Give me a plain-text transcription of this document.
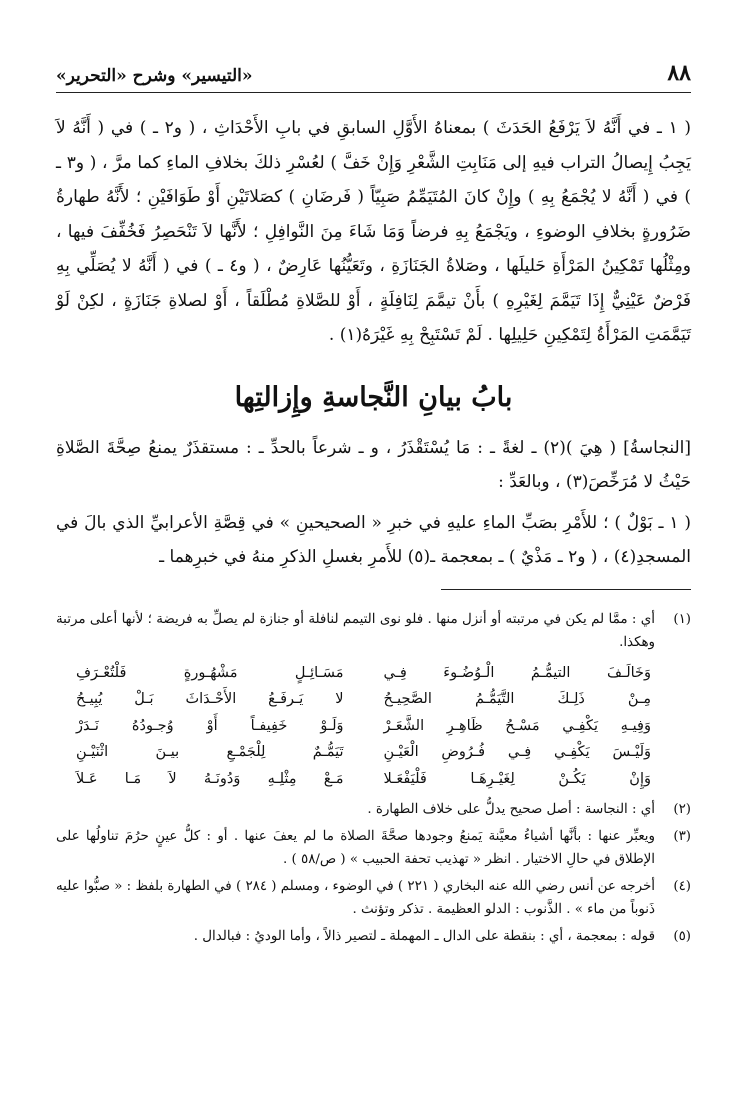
٨٨
«التيسير» وشرح «التحرير»

( ١ ـ في أَنَّهُ لاَ يَرْفَعُ الحَدَثَ ) بمعناهُ الأَوَّلِ السابقِ في بابِ الأَحْدَاثِ ، ( و٢ ـ ) في ( أَنَّهُ لاَ يَجِبُ إِيصالُ التراب فيهِ إلى مَنَابِتِ الشَّعْرِ وَإِنْ خَفَّ ) لعُسْرِ ذلكَ بخلافِ الماءِ كما مرَّ ، ( و٣ ـ ) في ( أَنَّهُ لا يُجْمَعُ بِهِ ) وإِنْ كانَ المُتَيَمِّمُ صَبِيّاً ( فَرضَانِ ) كصَلاتَيْنِ أَوْ طَوَافَيْنِ ؛ لأَنَّهُ طهارةُ ضَرُورةٍ بخلافِ الوضوءِ ، ويَجْمَعُ بِهِ فرضاً وَمَا شَاءَ مِنَ النَّوافِلِ ؛ لأَنَّها لاَ تَنْحَصِرُ فَخُفِّفَ فيها ، ومِثْلُها تَمْكِينُ المَرْأَةِ حَليلَها ، وصَلاةُ الجَنَازَةِ ، وتَعَيُّنُها عَارِضٌ ، ( و٤ ـ ) في ( أَنَّهُ لا يُصَلِّي بِهِ فَرْضٌ عَيْنِيٌّ إِذَا تَيَمَّمَ لِغَيْرِهِ ) بأَنْ تيمَّمَ لِنَافِلَةٍ ، أَوْ للصَّلاةِ مُطْلَقاً ، أَوْ لصلاةِ جَنَازَةٍ ، لكِنْ لَوْ تَيَمَّمَتِ المَرْأَةُ لِتَمْكِينِ حَلِيلِها . لَمْ تَسْتَبِحْ بِهِ غَيْرَهُ(١) .

بابُ بيانِ النَّجاسةِ وإِزالتِها

[النجاسةُ] ( هِيَ )(٢) ـ لغةً ـ : مَا يُسْتَقْذَرُ ، و ـ شرعاً بالحدِّ ـ : مستقذَرٌ يمنعُ صِحَّةَ الصَّلاةِ حَيْثُ لا مُرَخِّصَ(٣) ، وبالعَدِّ :

( ١ ـ بَوْلٌ ) ؛ للأَمْرِ بصَبِّ الماءِ عليهِ في خبرِ « الصحيحينِ » في قِصَّةِ الأعرابيِّ الذي بالَ في المسجدِ(٤) ، ( و٢ ـ مَذْيٌ ) ـ بمعجمة ـ(٥) للأَمرِ بغسلِ الذكرِ منهُ في خبرِهما ـ

(١)
أي : ممَّا لم يكن في مرتبته أو أنزل منها . فلو نوى التيمم لنافلة أو جنازة لم يصلِّ به فريضة ؛ لأنها أعلى مرتبة وهكذا.
وَخَالَـفَ التيمُّـمُ الْـوُضُـوءَ فِـي
مَسَـائِـلٍ مَشْهُـورةٍ فَلْتُعْـرَفِ
مِـنْ ذَلِـكَ التَّيَمُّـمُ الصَّحِيـحُ
لا يَـرفَـعُ الأَحْـدَاثَ بَـلْ يُبِيـحُ
وَفِيـهِ يَكْفِـي مَسْـحُ ظَاهِـرِ الشَّعَـرْ
وَلَـوْ خَفِيفـاً أَوْ وُجـودُهُ نَـدَرْ
وَلَيْـسَ يَكْفِـي فِـي فُـرُوضِ الْعَيْـنِ
تَيَمُّـمٌ لِلْجَمْـعِ بيـنَ اثْنَيْـنِ
وَإِنْ يَكُـنْ لِغَيْـرِهَـا فَلْيَفْعَـلا
مَـعْ مِثْلِـهِ وَدُونَـهُ لاَ مَـا عَـلاَ
(٢)
أي : النجاسة : أصل صحيح يدلُّ على خلاف الطهارة .
(٣)
ويعبِّر عنها : بأنَّها أشياءُ معيَّنة يَمنعُ وجودها صحَّةَ الصلاة ما لم يعفَ عنها . أو : كلُّ عينٍ حرُمَ تناولُها على الإطلاق في حالِ الاختيار . انظر « تهذيب تحفة الحبيب » ( ص/٥٨ ) .
(٤)
أخرجه عن أنس رضي الله عنه البخاري ( ٢٢١ ) في الوضوء ، ومسلم ( ٢٨٤ ) في الطهارة بلفظ : « صبُّوا عليه ذَنوباً من ماء » . الذَّنوب : الدلو العظيمة . تذكر وتؤنث .
(٥)
قوله : بمعجمة ، أي : بنقطة على الدال ـ المهملة ـ لتصير ذالاً ، وأما الوديُ : فبالدال .
